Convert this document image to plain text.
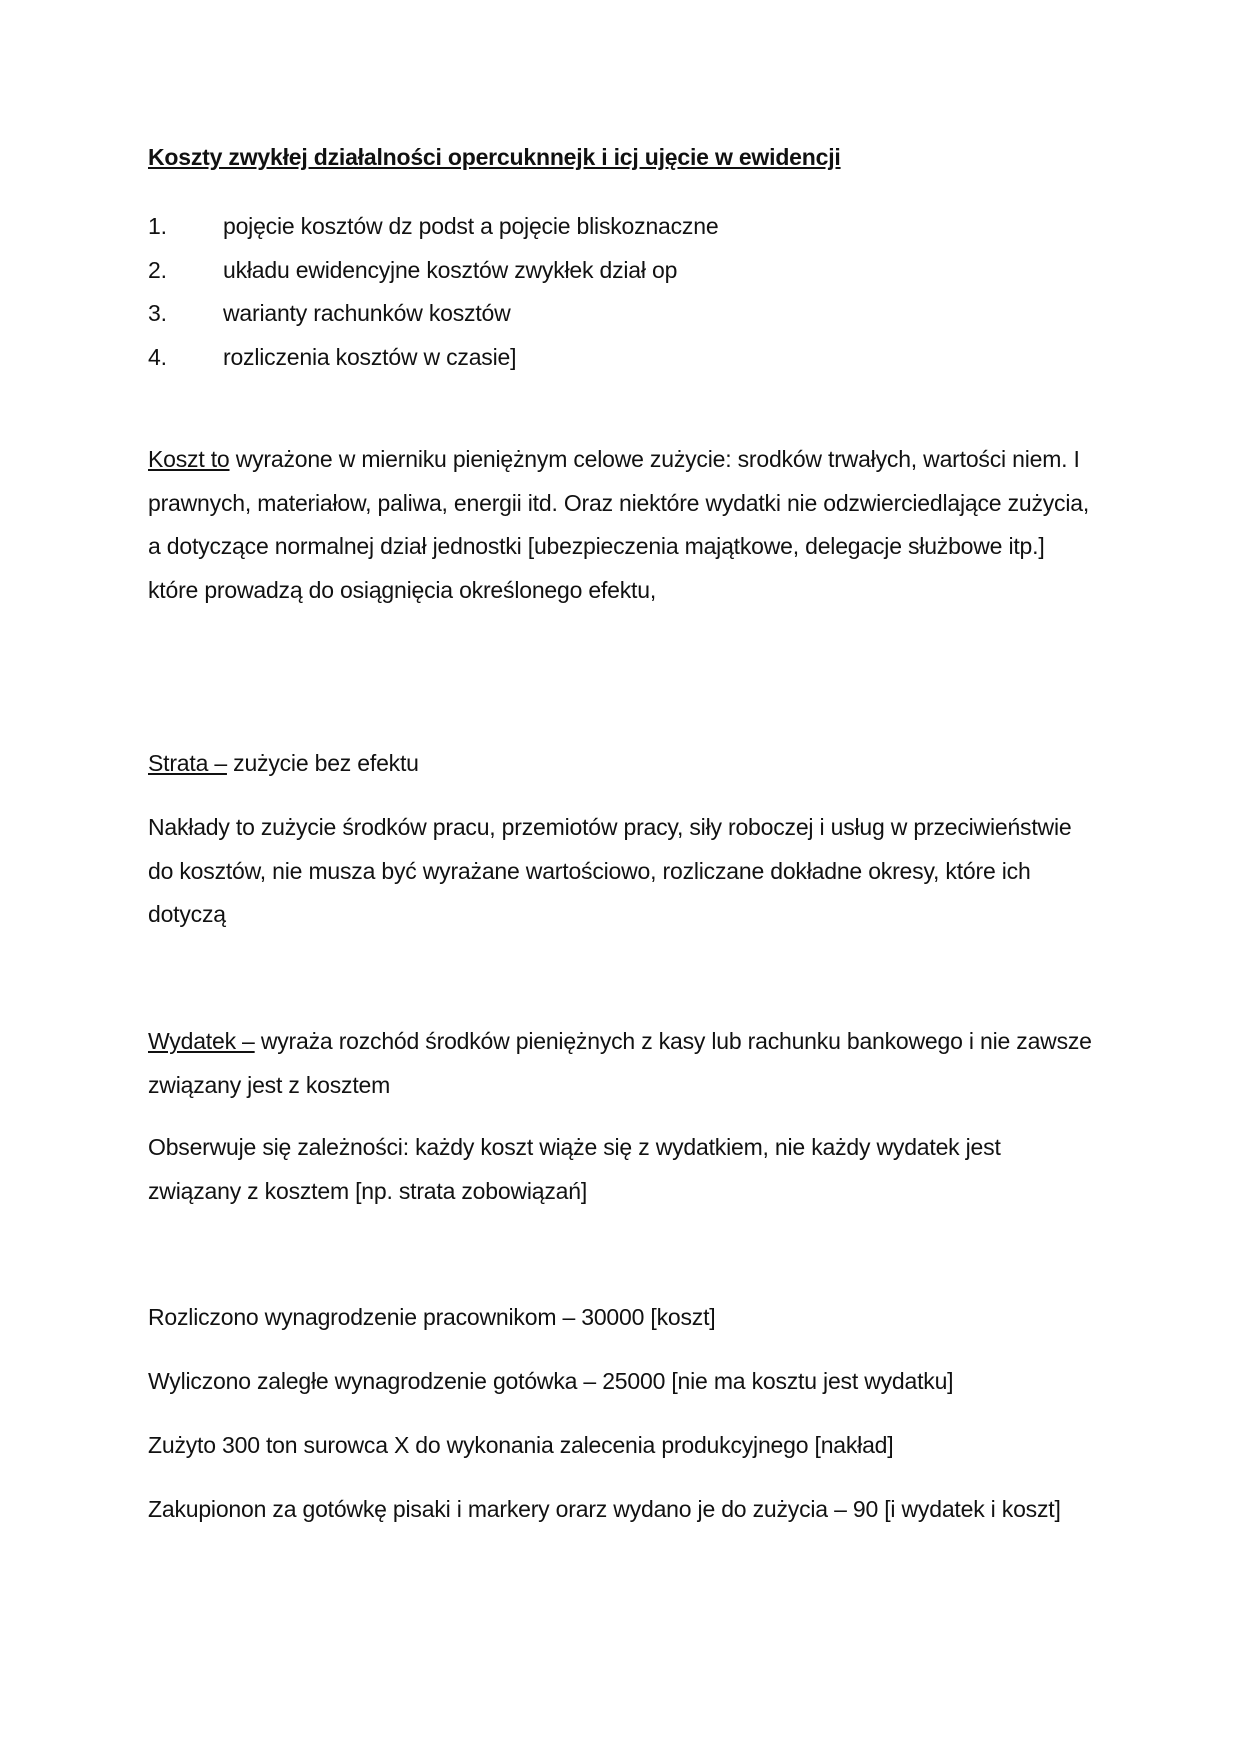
Koszty zwykłej działalności opercuknnejk i icj ujęcie w ewidencji
1.	pojęcie kosztów dz podst a pojęcie bliskoznaczne
2.	układu ewidencyjne kosztów zwykłek dział op
3.	warianty rachunków kosztów
4.	rozliczenia kosztów w czasie]

Koszt to wyrażone w mierniku pieniężnym celowe zużycie: srodków trwałych, wartości niem. I prawnych, materiałow, paliwa, energii itd. Oraz niektóre wydatki nie odzwierciedlające zużycia, a dotyczące normalnej dział jednostki [ubezpieczenia majątkowe, delegacje służbowe itp.] które prowadzą do osiągnięcia określonego efektu,

Strata – zużycie bez efektu

Nakłady to zużycie środków pracu, przemiotów pracy, siły roboczej i usług w przeciwieństwie do kosztów, nie musza być wyrażane wartościowo, rozliczane dokładne okresy, które ich dotyczą

Wydatek – wyraża rozchód środków pieniężnych z kasy lub rachunku bankowego i nie zawsze związany jest z kosztem

Obserwuje się zależności: każdy koszt wiąże się z wydatkiem, nie każdy wydatek jest związany z kosztem [np. strata zobowiązań]

Rozliczono wynagrodzenie pracownikom – 30000 [koszt]

Wyliczono zaległe wynagrodzenie gotówka – 25000 [nie ma kosztu jest wydatku]

Zużyto 300 ton surowca X do wykonania zalecenia produkcyjnego [nakład]

Zakupionon za gotówkę pisaki i markery orarz wydano je do zużycia – 90 [i wydatek i koszt]
